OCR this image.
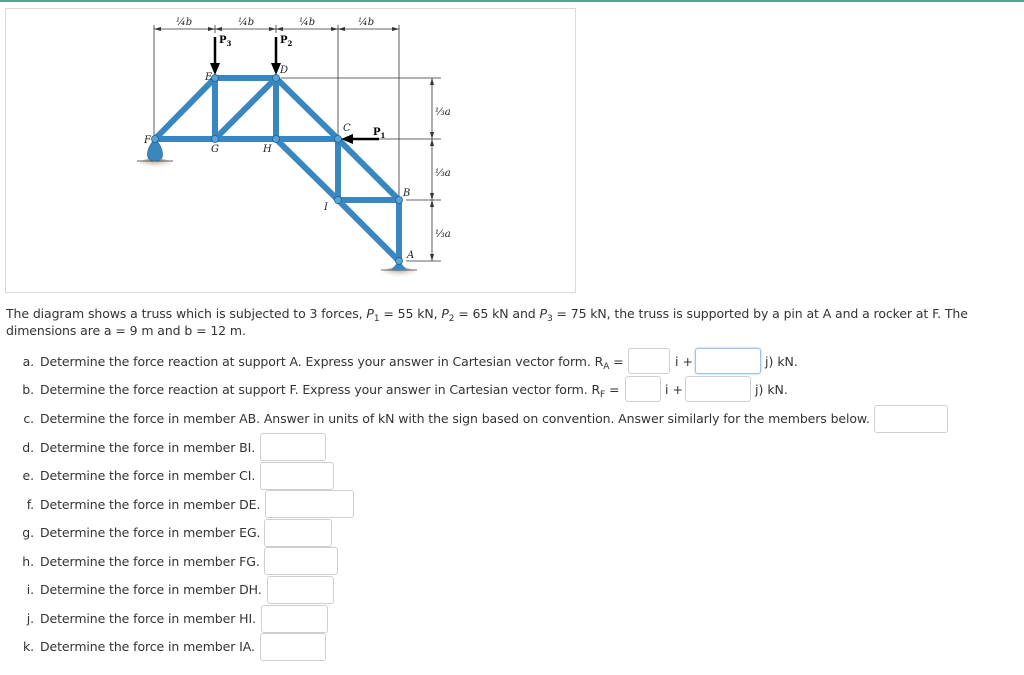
¼b	¼b	¼b	¼b
⅓a
⅓a
⅓a
$P_3$	$P_2$
$P_1$
E
D
F
G	H
C
I
B
A
The diagram shows a truss which is subjected to 3 forces, $P_1 = 55$ kN, $P_2 = 65$ kN and $P_3 = 75$ kN, the truss is supported by a pin at A and a rocker at F. The
dimensions are a = 9 m and b = 12 m.
a. Determine the force reaction at support A. Express your answer in Cartesian vector form. $R_A$ =	i +	j) kN.
b. Determine the force reaction at support F. Express your answer in Cartesian vector form. $R_F$ =	i +	j) kN.
c. Determine the force in member AB. Answer in units of kN with the sign based on convention. Answer similarly for the members below.
d. Determine the force in member BI.
e. Determine the force in member CI.
f. Determine the force in member DE.
g. Determine the force in member EG.
h. Determine the force in member FG.
i. Determine the force in member DH.
j. Determine the force in member HI.
k. Determine the force in member IA.
